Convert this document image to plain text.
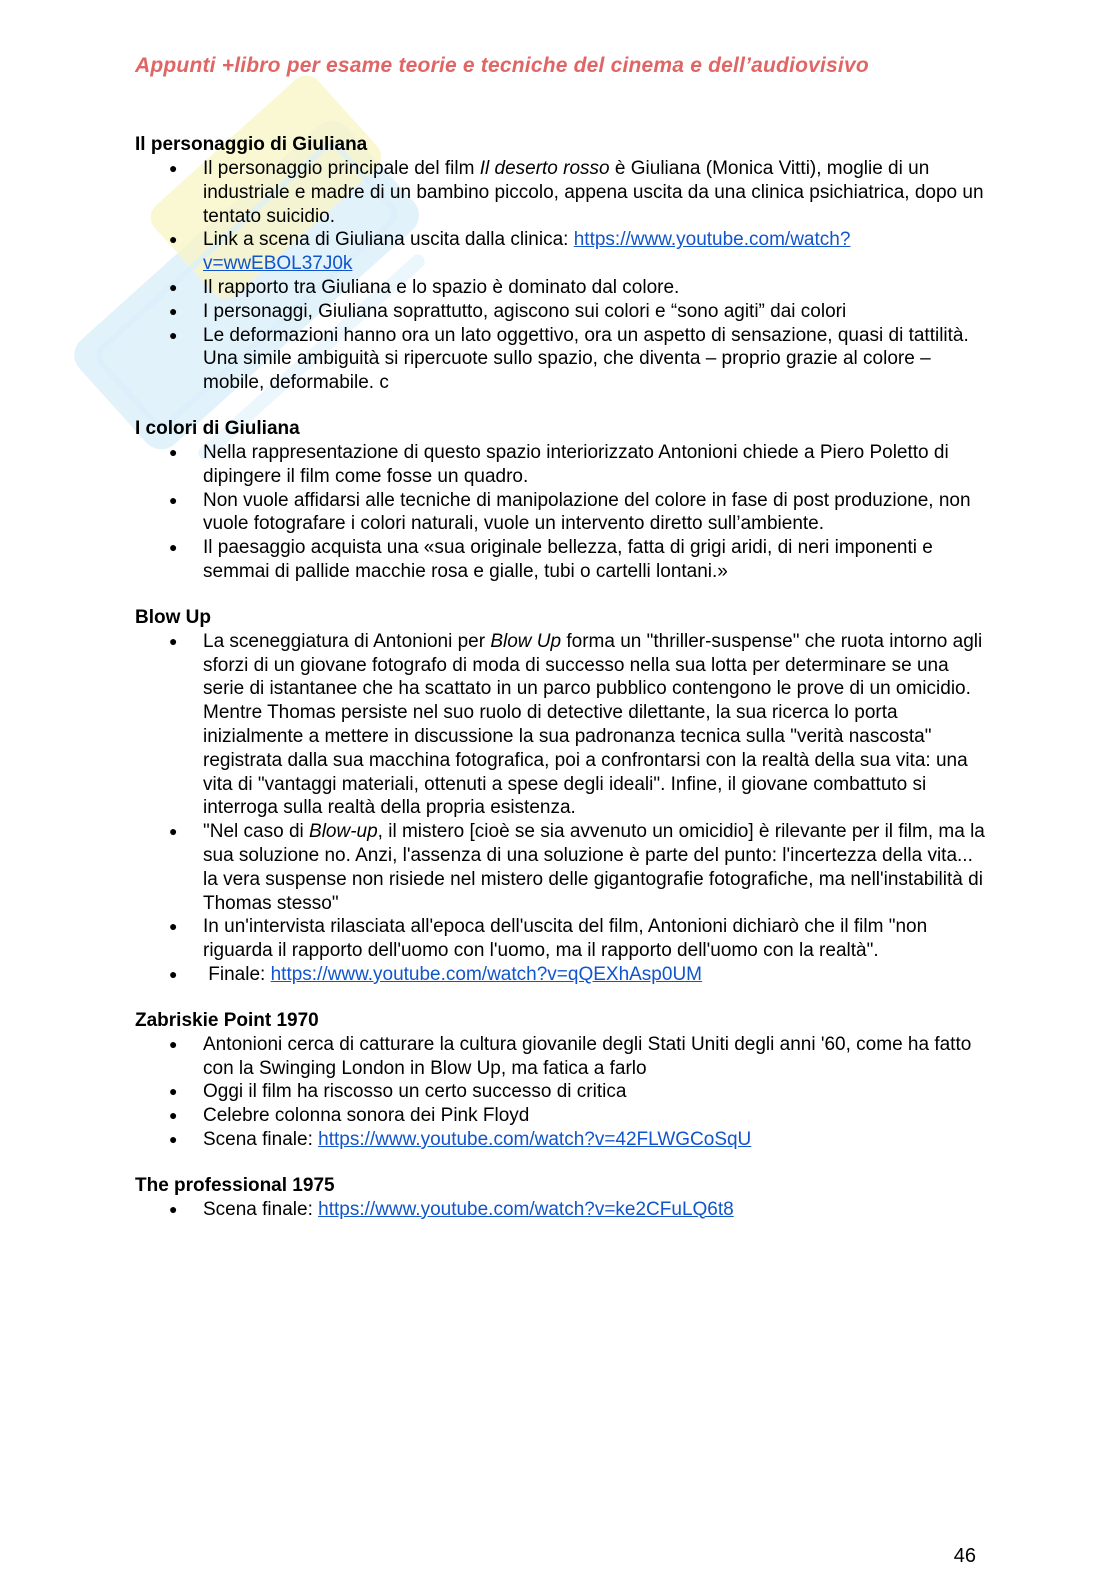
Appunti +libro per esame teorie e tecniche del cinema e dell’audiovisivo
Il personaggio di Giuliana
● Il personaggio principale del film Il deserto rosso è Giuliana (Monica Vitti), moglie di un industriale e madre di un bambino piccolo, appena uscita da una clinica psichiatrica, dopo un tentato suicidio.
● Link a scena di Giuliana uscita dalla clinica: https://www.youtube.com/watch?v=wwEBOL37J0k
● Il rapporto tra Giuliana e lo spazio è dominato dal colore.
● I personaggi, Giuliana soprattutto, agiscono sui colori e “sono agiti” dai colori
● Le deformazioni hanno ora un lato oggettivo, ora un aspetto di sensazione, quasi di tattilità. Una simile ambiguità si ripercuote sullo spazio, che diventa – proprio grazie al colore – mobile, deformabile. c
I colori di Giuliana
● Nella rappresentazione di questo spazio interiorizzato Antonioni chiede a Piero Poletto di dipingere il film come fosse un quadro.
● Non vuole affidarsi alle tecniche di manipolazione del colore in fase di post produzione, non vuole fotografare i colori naturali, vuole un intervento diretto sull’ambiente.
● Il paesaggio acquista una «sua originale bellezza, fatta di grigi aridi, di neri imponenti e semmai di pallide macchie rosa e gialle, tubi o cartelli lontani.»
Blow Up
● La sceneggiatura di Antonioni per Blow Up forma un "thriller-suspense" che ruota intorno agli sforzi di un giovane fotografo di moda di successo nella sua lotta per determinare se una serie di istantanee che ha scattato in un parco pubblico contengono le prove di un omicidio. Mentre Thomas persiste nel suo ruolo di detective dilettante, la sua ricerca lo porta inizialmente a mettere in discussione la sua padronanza tecnica sulla "verità nascosta" registrata dalla sua macchina fotografica, poi a confrontarsi con la realtà della sua vita: una vita di "vantaggi materiali, ottenuti a spese degli ideali". Infine, il giovane combattuto si interroga sulla realtà della propria esistenza.
● "Nel caso di Blow-up, il mistero [cioè se sia avvenuto un omicidio] è rilevante per il film, ma la sua soluzione no. Anzi, l'assenza di una soluzione è parte del punto: l'incertezza della vita... la vera suspense non risiede nel mistero delle gigantografie fotografiche, ma nell'instabilità di Thomas stesso"
● In un'intervista rilasciata all'epoca dell'uscita del film, Antonioni dichiarò che il film "non riguarda il rapporto dell'uomo con l'uomo, ma il rapporto dell'uomo con la realtà".
●  Finale: https://www.youtube.com/watch?v=qQEXhAsp0UM
Zabriskie Point 1970
● Antonioni cerca di catturare la cultura giovanile degli Stati Uniti degli anni '60, come ha fatto con la Swinging London in Blow Up, ma fatica a farlo
● Oggi il film ha riscosso un certo successo di critica
● Celebre colonna sonora dei Pink Floyd
● Scena finale: https://www.youtube.com/watch?v=42FLWGCoSqU
The professional 1975
● Scena finale: https://www.youtube.com/watch?v=ke2CFuLQ6t8
46
